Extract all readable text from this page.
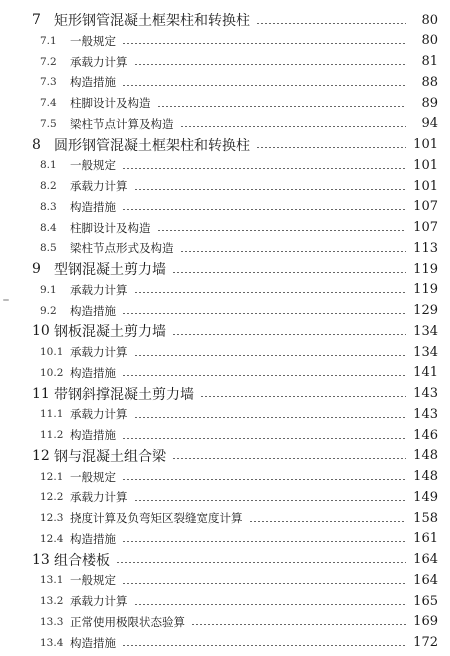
7 矩形钢管混凝土框架柱和转换柱	80
7.1	一般规定	80
7.2	承载力计算	81
7.3	构造措施	88
7.4	柱脚设计及构造	89
7.5	梁柱节点计算及构造	94
8 圆形钢管混凝土框架柱和转换柱	101
8.1	一般规定	101
8.2	承载力计算	101
8.3	构造措施	107
8.4	柱脚设计及构造	107
8.5	梁柱节点形式及构造	113
9 型钢混凝土剪力墙	119
9.1	承载力计算	119
9.2	构造措施	129
10 钢板混凝土剪力墙	134
10.1 承载力计算	134
10.2 构造措施	141
11 带钢斜撑混凝土剪力墙	143
11.1 承载力计算	143
11.2 构造措施	146
12 钢与混凝土组合梁	148
12.1 一般规定	148
12.2 承载力计算	149
12.3 挠度计算及负弯矩区裂缝宽度计算	158
12.4 构造措施	161
13 组合楼板	164
13.1 一般规定	164
13.2 承载力计算	165
13.3 正常使用极限状态验算	169
13.4 构造措施	172
